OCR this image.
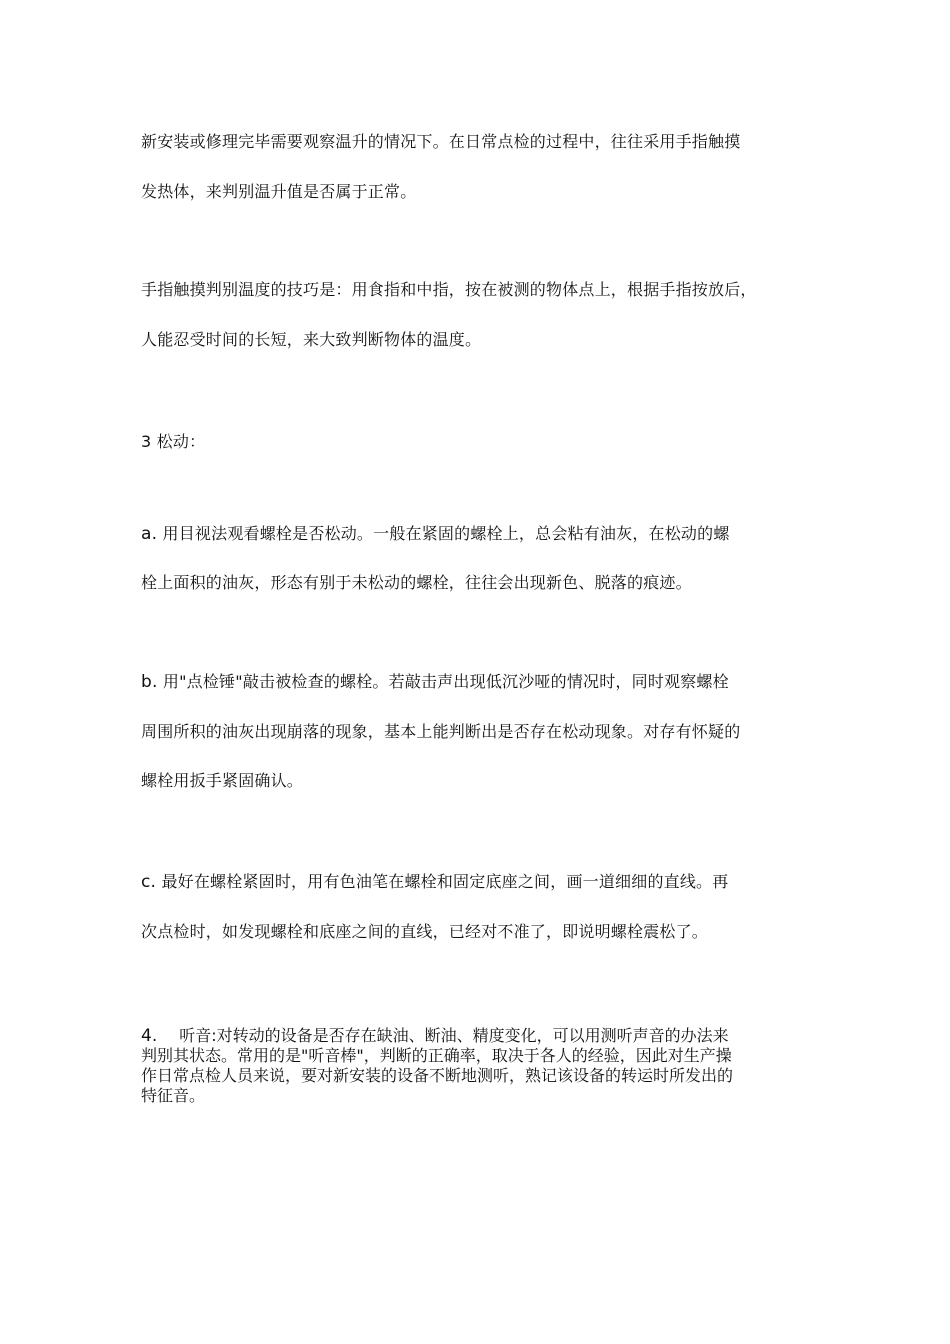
新安装或修理完毕需要观察温升的情况下。在日常点检的过程中，往往采用手指触摸
发热体，来判别温升值是否属于正常。
手指触摸判别温度的技巧是：用食指和中指，按在被测的物体点上，根据手指按放后，
人能忍受时间的长短，来大致判断物体的温度。
3 松动：
a. 用目视法观看螺栓是否松动。一般在紧固的螺栓上，总会粘有油灰，在松动的螺
栓上面积的油灰，形态有别于未松动的螺栓，往往会出现新色、脱落的痕迹。
b. 用"点检锤"敲击被检查的螺栓。若敲击声出现低沉沙哑的情况时，同时观察螺栓
周围所积的油灰出现崩落的现象，基本上能判断出是否存在松动现象。对存有怀疑的
螺栓用扳手紧固确认。
c. 最好在螺栓紧固时，用有色油笔在螺栓和固定底座之间，画一道细细的直线。再
次点检时，如发现螺栓和底座之间的直线，已经对不准了，即说明螺栓震松了。
4. 听音:对转动的设备是否存在缺油、断油、精度变化，可以用测听声音的办法来
判别其状态。常用的是"听音棒"，判断的正确率，取决于各人的经验，因此对生产操
作日常点检人员来说，要对新安装的设备不断地测听，熟记该设备的转运时所发出的
特征音。
